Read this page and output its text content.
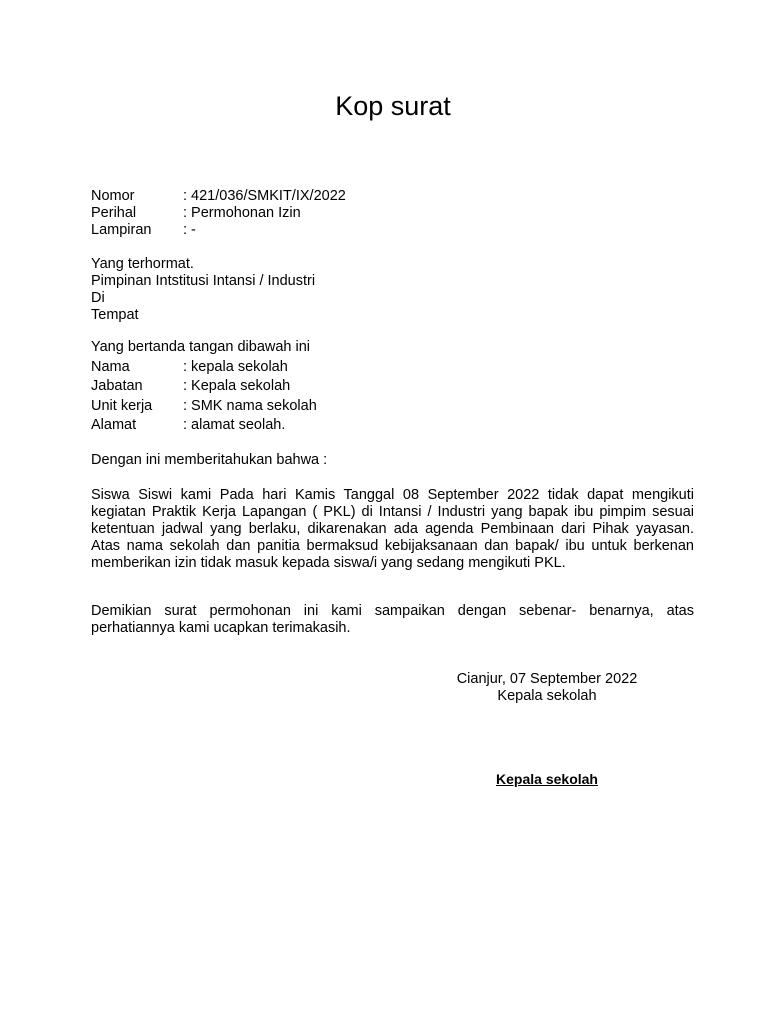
Kop surat
Nomor	: 421/036/SMKIT/IX/2022
Perihal	: Permohonan Izin
Lampiran	: -
Yang terhormat.
Pimpinan Intstitusi Intansi / Industri
Di
Tempat
Yang bertanda tangan dibawah ini
Nama	: kepala sekolah
Jabatan	: Kepala sekolah
Unit kerja	: SMK nama sekolah
Alamat	: alamat seolah.
Dengan ini memberitahukan bahwa :
Siswa Siswi kami Pada hari Kamis Tanggal 08 September 2022 tidak dapat mengikuti kegiatan Praktik Kerja Lapangan ( PKL) di Intansi / Industri yang bapak ibu pimpim sesuai ketentuan jadwal yang berlaku, dikarenakan ada agenda Pembinaan dari Pihak yayasan. Atas nama sekolah dan panitia bermaksud kebijaksanaan dan bapak/ ibu untuk berkenan memberikan izin tidak masuk kepada siswa/i yang sedang mengikuti PKL.
Demikian surat permohonan ini kami sampaikan dengan sebenar- benarnya, atas perhatiannya kami ucapkan terimakasih.
Cianjur, 07 September 2022
Kepala sekolah
Kepala sekolah
